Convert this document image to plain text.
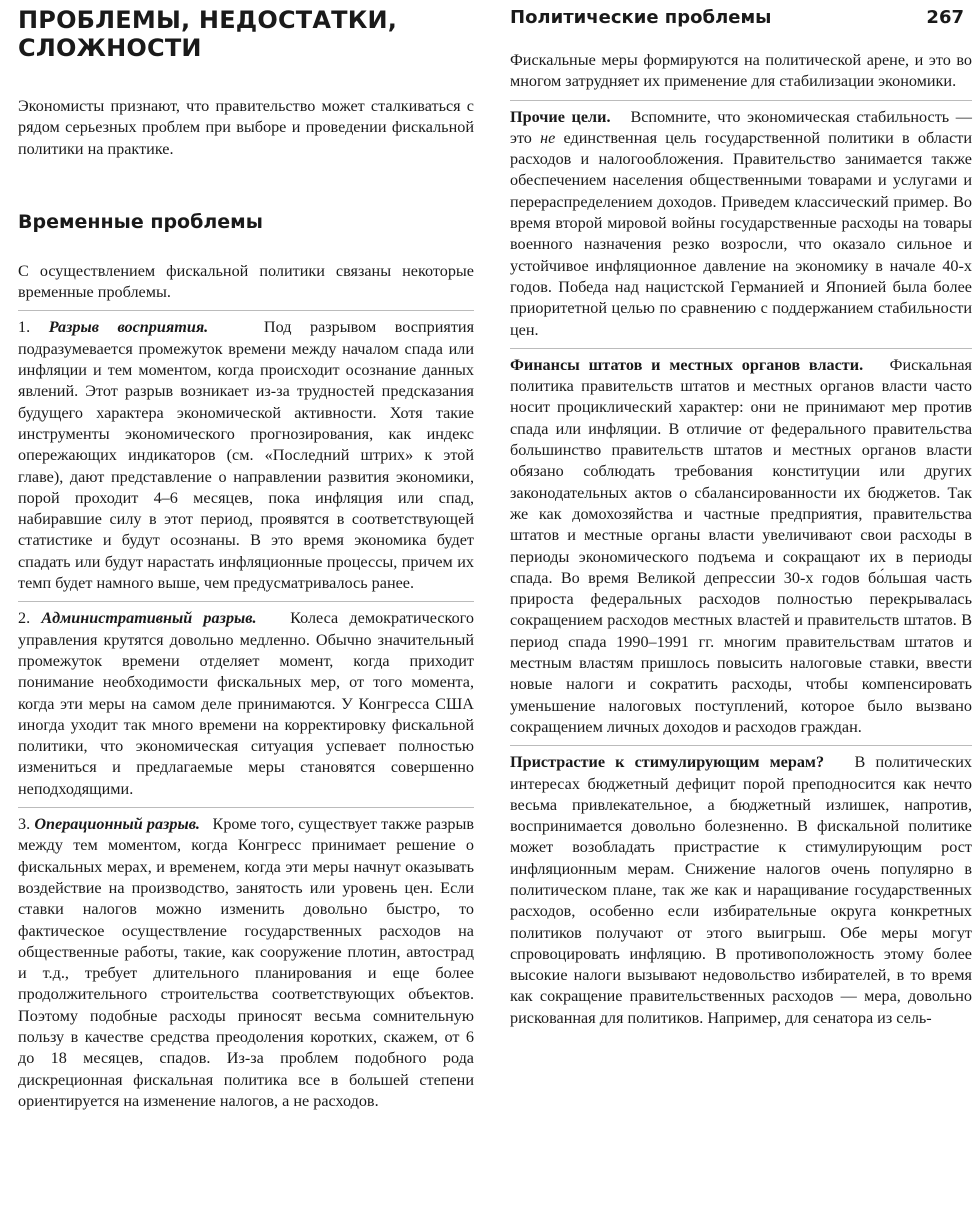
ПРОБЛЕМЫ, НЕДОСТАТКИ,
СЛОЖНОСТИ

Экономисты признают, что правительство может сталкиваться с рядом серьезных проблем при выборе и проведении фискальной политики на практике.

Временные проблемы

С осуществлением фискальной политики связаны некоторые временные проблемы.

1. Разрыв восприятия.	Под разрывом восприятия подразумевается промежуток времени между началом спада или инфляции и тем моментом, когда происходит осознание данных явлений. Этот разрыв возникает из-за трудностей предсказания будущего характера экономической активности. Хотя такие инструменты экономического прогнозирования, как индекс опережающих индикаторов (см. «Последний штрих» к этой главе), дают представление о направлении развития экономики, порой проходит 4–6 месяцев, пока инфляция или спад, набиравшие силу в этот период, проявятся в соответствующей статистике и будут осознаны. В это время экономика будет спадать или будут нарастать инфляционные процессы, причем их темп будет намного выше, чем предусматривалось ранее.

2. Административный разрыв. Колеса демократического управления крутятся довольно медленно. Обычно значительный промежуток времени отделяет момент, когда приходит понимание необходимости фискальных мер, от того момента, когда эти меры на самом деле принимаются. У Конгресса США иногда уходит так много времени на корректировку фискальной политики, что экономическая ситуация успевает полностью измениться и предлагаемые меры становятся совершенно неподходящими.

3. Операционный разрыв. Кроме того, существует также разрыв между тем моментом, когда Конгресс принимает решение о фискальных мерах, и временем, когда эти меры начнут оказывать воздействие на производство, занятость или уровень цен. Если ставки налогов можно изменить довольно быстро, то фактическое осуществление государственных расходов на общественные работы, такие, как сооружение плотин, автострад и т.д., требует длительного планирования и еще более продолжительного строительства соответствующих объектов. Поэтому подобные расходы приносят весьма сомнительную пользу в качестве средства преодоления коротких, скажем, от 6 до 18 месяцев, спадов. Из-за проблем подобного рода дискреционная фискальная политика все в большей степени ориентируется на изменение налогов, а не расходов.

Политические проблемы	267

Фискальные меры формируются на политической арене, и это во многом затрудняет их применение для стабилизации экономики.

Прочие цели. Вспомните, что экономическая стабильность — это не единственная цель государственной политики в области расходов и налогообложения. Правительство занимается также обеспечением населения общественными товарами и услугами и перераспределением доходов. Приведем классический пример. Во время второй мировой войны государственные расходы на товары военного назначения резко возросли, что оказало сильное и устойчивое инфляционное давление на экономику в начале 40-х годов. Победа над нацистской Германией и Японией была более приоритетной целью по сравнению с поддержанием стабильности цен.

Финансы штатов и местных органов власти. Фискальная политика правительств штатов и местных органов власти часто носит проциклический характер: они не принимают мер против спада или инфляции. В отличие от федерального правительства большинство правительств штатов и местных органов власти обязано соблюдать требования конституции или других законодательных актов о сбалансированности их бюджетов. Так же как домохозяйства и частные предприятия, правительства штатов и местные органы власти увеличивают свои расходы в периоды экономического подъема и сокращают их в периоды спада. Во время Великой депрессии 30-х годов бо́льшая часть прироста федеральных расходов полностью перекрывалась сокращением расходов местных властей и правительств штатов. В период спада 1990–1991 гг. многим правительствам штатов и местным властям пришлось повысить налоговые ставки, ввести новые налоги и сократить расходы, чтобы компенсировать уменьшение налоговых поступлений, которое было вызвано сокращением личных доходов и расходов граждан.

Пристрастие к стимулирующим мерам? В политических интересах бюджетный дефицит порой преподносится как нечто весьма привлекательное, а бюджетный излишек, напротив, воспринимается довольно болезненно. В фискальной политике может возобладать пристрастие к стимулирующим рост инфляционным мерам. Снижение налогов очень популярно в политическом плане, так же как и наращивание государственных расходов, особенно если избирательные округа конкретных политиков получают от этого выигрыш. Обе меры могут спровоцировать инфляцию. В противоположность этому более высокие налоги вызывают недовольство избирателей, в то время как сокращение правительственных расходов — мера, довольно рискованная для политиков. Например, для сенатора из сель-
